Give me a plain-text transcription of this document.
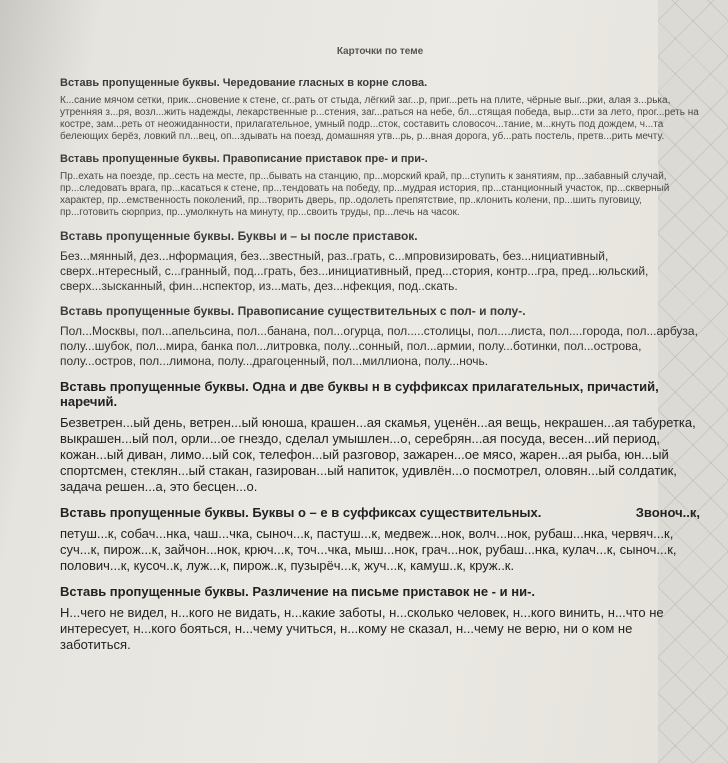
Карточки по теме

Вставь пропущенные буквы. Чередование гласных в корне слова.

К...сание мячом сетки, прик...сновение к стене, сг..рать от стыда, лёгкий заг...р, приг...реть на плите, чёрные выг...рки, алая з...рька, утренняя з...ря, возл...жить надежды, лекарственные р...стения, заг...раться на небе, бл...стящая победа, выр...сти за лето, прог...реть на костре, зам...реть от неожиданности, прилагательное, умный подр...сток, составить словосоч...тание, м...кнуть под дождем, ч...та белеющих берёз, ловкий пл...вец, оп...здывать на поезд, домашняя утв...рь, р...вная дорога, уб...рать постель, претв...рить мечту.

Вставь пропущенные буквы. Правописание приставок пре- и при-.

Пр..ехать на поезде, пр..сесть на месте, пр...бывать на станцию, пр...морский край, пр...ступить к занятиям, пр...забавный случай, пр...следовать врага, пр...касаться к стене, пр...тендовать на победу, пр...мудрая история, пр...станционный участок, пр...скверный характер, пр...емственность поколений, пр...творить дверь, пр..одолеть препятствие, пр..клонить колени, пр...шить пуговицу, пр...готовить сюрприз, пр...умолкнуть на минуту, пр...своить труды, пр...лечь на часок.

Вставь пропущенные буквы. Буквы и – ы после приставок.

Без...мянный, дез...нформация, без...звестный, раз..грать, с...мпровизировать, без...нициативный, сверх..нтересный, с...гранный, под...грать, без...инициативный, пред...стория, контр...гра, пред...юльский, сверх...зысканный, фин...нспектор, из...мать, дез...нфекция, под..скать.

Вставь пропущенные буквы. Правописание существительных с пол- и полу-.

Пол...Москвы, пол...апельсина, пол...банана, пол...огурца, пол.....столицы, пол....листа, пол....города, пол...арбуза, полу...шубок, пол...мира, банка пол...литровка, полу...сонный, пол...армии, полу...ботинки, пол...острова, полу...остров, пол...лимона, полу...драгоценный, пол...миллиона, полу...ночь.

Вставь пропущенные буквы. Одна и две буквы н в суффиксах прилагательных, причастий, наречий.

Безветрен...ый день, ветрен...ый юноша, крашен...ая скамья, уценён...ая вещь, некрашен...ая табуретка, выкрашен...ый пол, орли...ое гнездо, сделал умышлен...о, серебрян...ая посуда, весен...ий период, кожан...ый диван, лимо...ый сок, телефон...ый разговор, зажарен...ое мясо, жарен...ая рыба, юн...ый спортсмен, стеклян...ый стакан, газирован...ый напиток, удивлён...о посмотрел, оловян...ый солдатик, задача решен...а, это бесцен...о.

Вставь пропущенные буквы. Буквы о – е в суффиксах существительных.	Звоноч..к,

петуш...к, собач...нка, чаш...чка, сыноч...к, пастуш...к, медвеж...нок, волч...нок, рубаш...нка, червяч...к, суч...к, пирож...к, зайчон...нок, крюч...к, точ...чка, мыш...нок, грач...нок, рубаш...нка, кулач...к, сыноч...к, полович...к, кусоч..к, луж...к, пирож..к, пузырёч...к, жуч...к, камуш..к, круж..к.

Вставь пропущенные буквы. Различение на письме приставок не - и ни-.

Н...чего не видел, н...кого не видать, н...какие заботы, н...сколько человек, н...кого винить, н...что не интересует, н...кого бояться, н...чему учиться, н...кому не сказал, н...чему не верю, ни о ком не заботиться.
